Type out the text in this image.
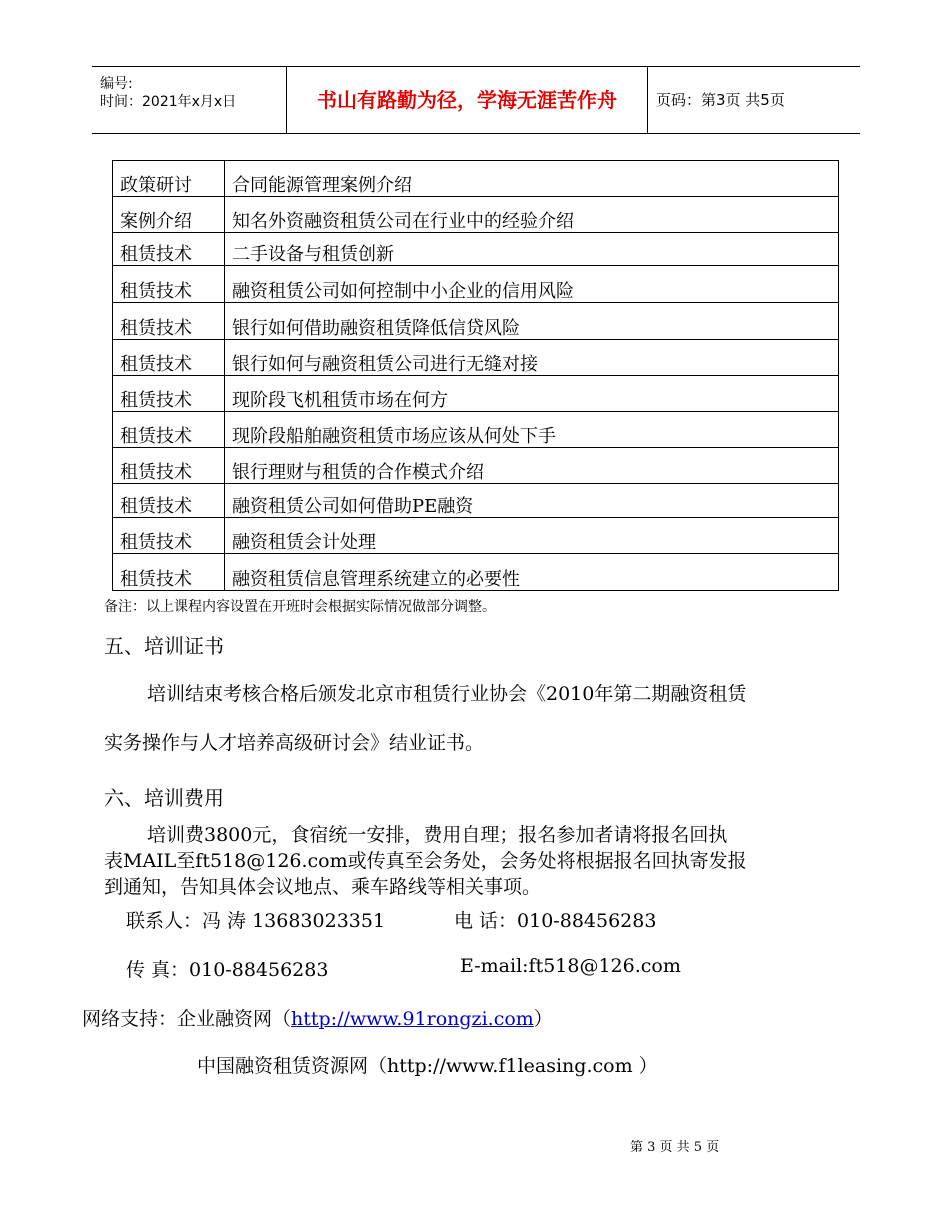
编号:
时间：2021年x月x日	书山有路勤为径，学海无涯苦作舟	页码：第3页 共5页
政策研讨	合同能源管理案例介绍
案例介绍	知名外资融资租赁公司在行业中的经验介绍
租赁技术	二手设备与租赁创新
租赁技术	融资租赁公司如何控制中小企业的信用风险
租赁技术	银行如何借助融资租赁降低信贷风险
租赁技术	银行如何与融资租赁公司进行无缝对接
租赁技术	现阶段飞机租赁市场在何方
租赁技术	现阶段船舶融资租赁市场应该从何处下手
租赁技术	银行理财与租赁的合作模式介绍
租赁技术	融资租赁公司如何借助PE融资
租赁技术	融资租赁会计处理
租赁技术	融资租赁信息管理系统建立的必要性
备注：以上课程内容设置在开班时会根据实际情况做部分调整。
五、培训证书
培训结束考核合格后颁发北京市租赁行业协会《2010年第二期融资租赁
实务操作与人才培养高级研讨会》结业证书。
六、培训费用
培训费3800元，食宿统一安排，费用自理；报名参加者请将报名回执
表MAIL至ft518@126.com或传真至会务处，会务处将根据报名回执寄发报
到通知，告知具体会议地点、乘车路线等相关事项。
联系人：冯 涛 13683023351	电 话：010-88456283
传 真：010-88456283	E-mail:ft518@126.com
网络支持：企业融资网（http://www.91rongzi.com）
中国融资租赁资源网（http://www.f1leasing.com ）
第 3 页 共 5 页
